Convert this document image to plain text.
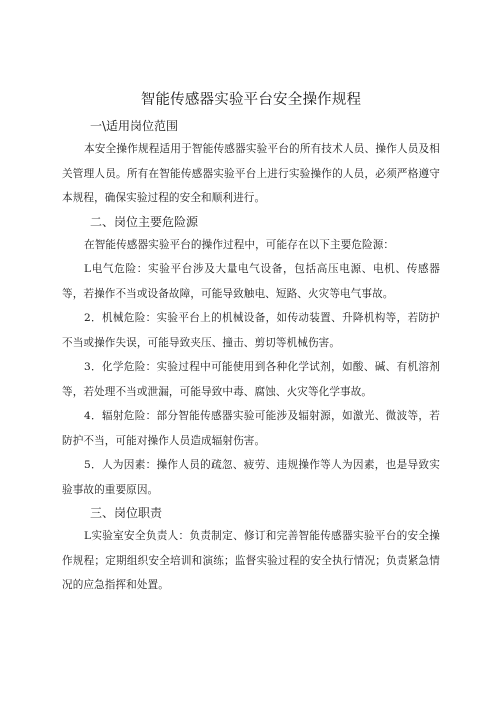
智能传感器实验平台安全操作规程
一\适用岗位范围

本安全操作规程适用于智能传感器实验平台的所有技术人员、操作人员及相关管理人员。所有在智能传感器实验平台上进行实验操作的人员，必须严格遵守本规程，确保实验过程的安全和顺利进行。

二、岗位主要危险源

在智能传感器实验平台的操作过程中，可能存在以下主要危险源：

L电气危险：实验平台涉及大量电气设备，包括高压电源、电机、传感器等，若操作不当或设备故障，可能导致触电、短路、火灾等电气事故。

2．机械危险：实验平台上的机械设备，如传动装置、升降机构等，若防护不当或操作失误，可能导致夹压、撞击、剪切等机械伤害。

3．化学危险：实验过程中可能使用到各种化学试剂，如酸、碱、有机溶剂等，若处理不当或泄漏，可能导致中毒、腐蚀、火灾等化学事故。

4．辐射危险：部分智能传感器实验可能涉及辐射源，如激光、微波等，若防护不当，可能对操作人员造成辐射伤害。

5．人为因素：操作人员的疏忽、疲劳、违规操作等人为因素，也是导致实验事故的重要原因。

三、岗位职责

L实验室安全负责人：负责制定、修订和完善智能传感器实验平台的安全操作规程；定期组织安全培训和演练；监督实验过程的安全执行情况；负责紧急情况的应急指挥和处置。
